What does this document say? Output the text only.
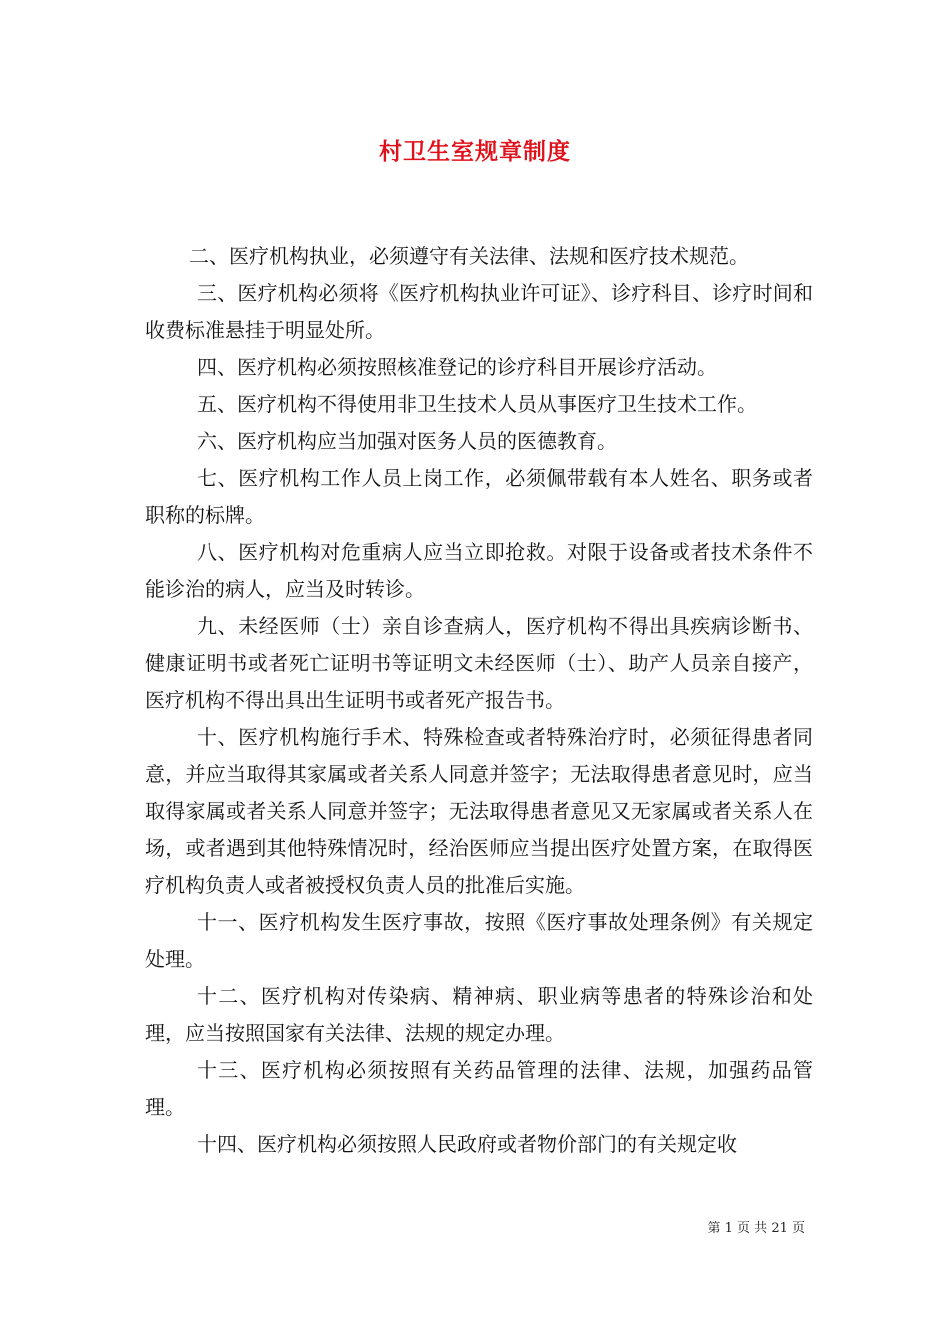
村卫生室规章制度

二、医疗机构执业，必须遵守有关法律、法规和医疗技术规范。

三、医疗机构必须将《医疗机构执业许可证》、诊疗科目、诊疗时间和收费标准悬挂于明显处所。

四、医疗机构必须按照核准登记的诊疗科目开展诊疗活动。

五、医疗机构不得使用非卫生技术人员从事医疗卫生技术工作。

六、医疗机构应当加强对医务人员的医德教育。

七、医疗机构工作人员上岗工作，必须佩带载有本人姓名、职务或者职称的标牌。

八、医疗机构对危重病人应当立即抢救。对限于设备或者技术条件不能诊治的病人，应当及时转诊。

九、未经医师（士）亲自诊查病人，医疗机构不得出具疾病诊断书、健康证明书或者死亡证明书等证明文未经医师（士）、助产人员亲自接产，医疗机构不得出具出生证明书或者死产报告书。

十、医疗机构施行手术、特殊检查或者特殊治疗时，必须征得患者同意，并应当取得其家属或者关系人同意并签字；无法取得患者意见时，应当取得家属或者关系人同意并签字；无法取得患者意见又无家属或者关系人在场，或者遇到其他特殊情况时，经治医师应当提出医疗处置方案，在取得医疗机构负责人或者被授权负责人员的批准后实施。

十一、医疗机构发生医疗事故，按照《医疗事故处理条例》有关规定处理。

十二、医疗机构对传染病、精神病、职业病等患者的特殊诊治和处理，应当按照国家有关法律、法规的规定办理。

十三、医疗机构必须按照有关药品管理的法律、法规，加强药品管理。

十四、医疗机构必须按照人民政府或者物价部门的有关规定收

第 1 页 共 21 页
